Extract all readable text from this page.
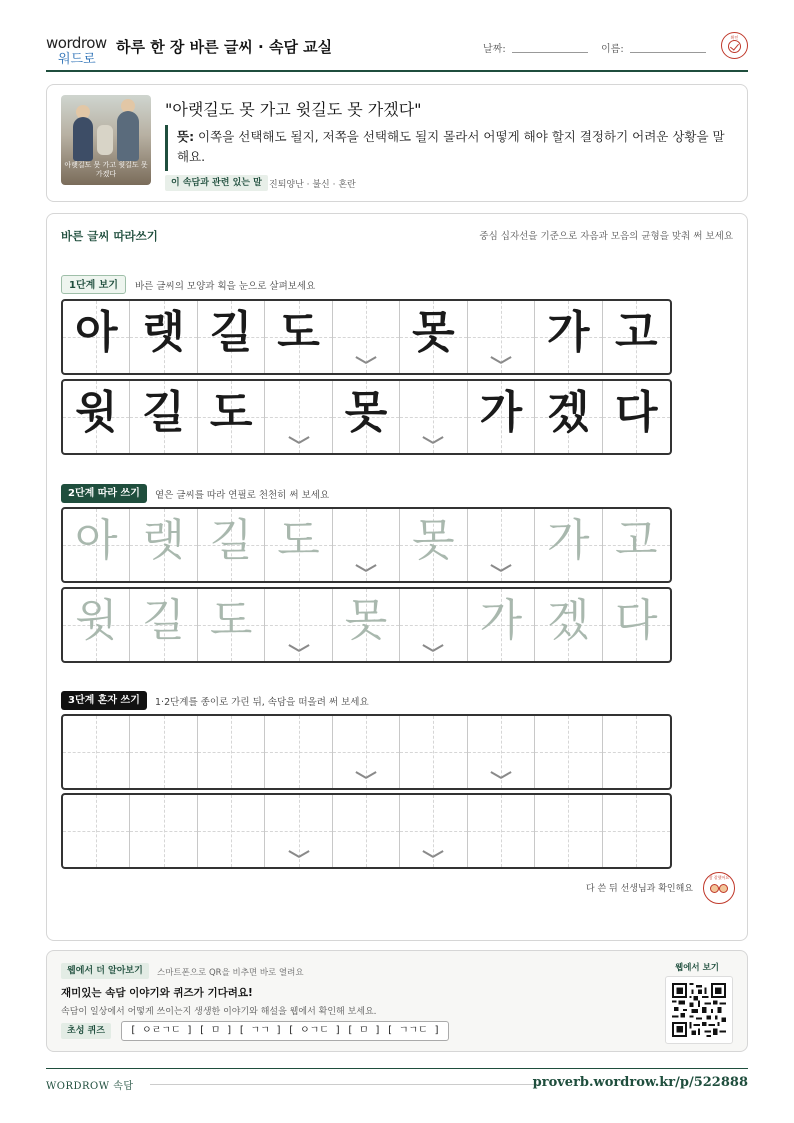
wordrow
워드로
하루 한 장 바른 글씨 · 속담 교실	날짜:	이름:
확인
아랫길도 못 가고 윗길도 못 가겠다
"아랫길도 못 가고 윗길도 못 가겠다"
뜻: 이쪽을 선택해도 될지, 저쪽을 선택해도 될지 몰라서 어떻게 해야 할지 결정하기 어려운 상황을 말해요.
이 속담과 관련 있는 말 진퇴양난 · 불신 · 혼란
바른 글씨 따라쓰기	중심 십자선을 기준으로 자음과 모음의 균형을 맞춰 써 보세요
1단계 보기	바른 글씨의 모양과 획을 눈으로 살펴보세요
아 랫 길 도 못 가 고
윗 길 도 못 가 겠 다
2단계 따라 쓰기	옅은 글씨를 따라 연필로 천천히 써 보세요
아 랫 길 도 못 가 고
윗 길 도 못 가 겠 다
3단계 혼자 쓰기	1·2단계를 종이로 가린 뒤, 속담을 떠올려 써 보세요
다 쓴 뒤 선생님과 확인해요
참 잘했어요
웹에서 더 알아보기	스마트폰으로 QR을 비추면 바로 열려요
재미있는 속담 이야기와 퀴즈가 기다려요!
속담이 일상에서 어떻게 쓰이는지 생생한 이야기와 해설을 웹에서 확인해 보세요.
초성 퀴즈	[ ㅇㄹㄱㄷ ] [ ㅁ ] [ ㄱㄱ ] [ ㅇㄱㄷ ] [ ㅁ ] [ ㄱㄱㄷ ]
웹에서 보기
WORDROW 속담	proverb.wordrow.kr/p/522888
